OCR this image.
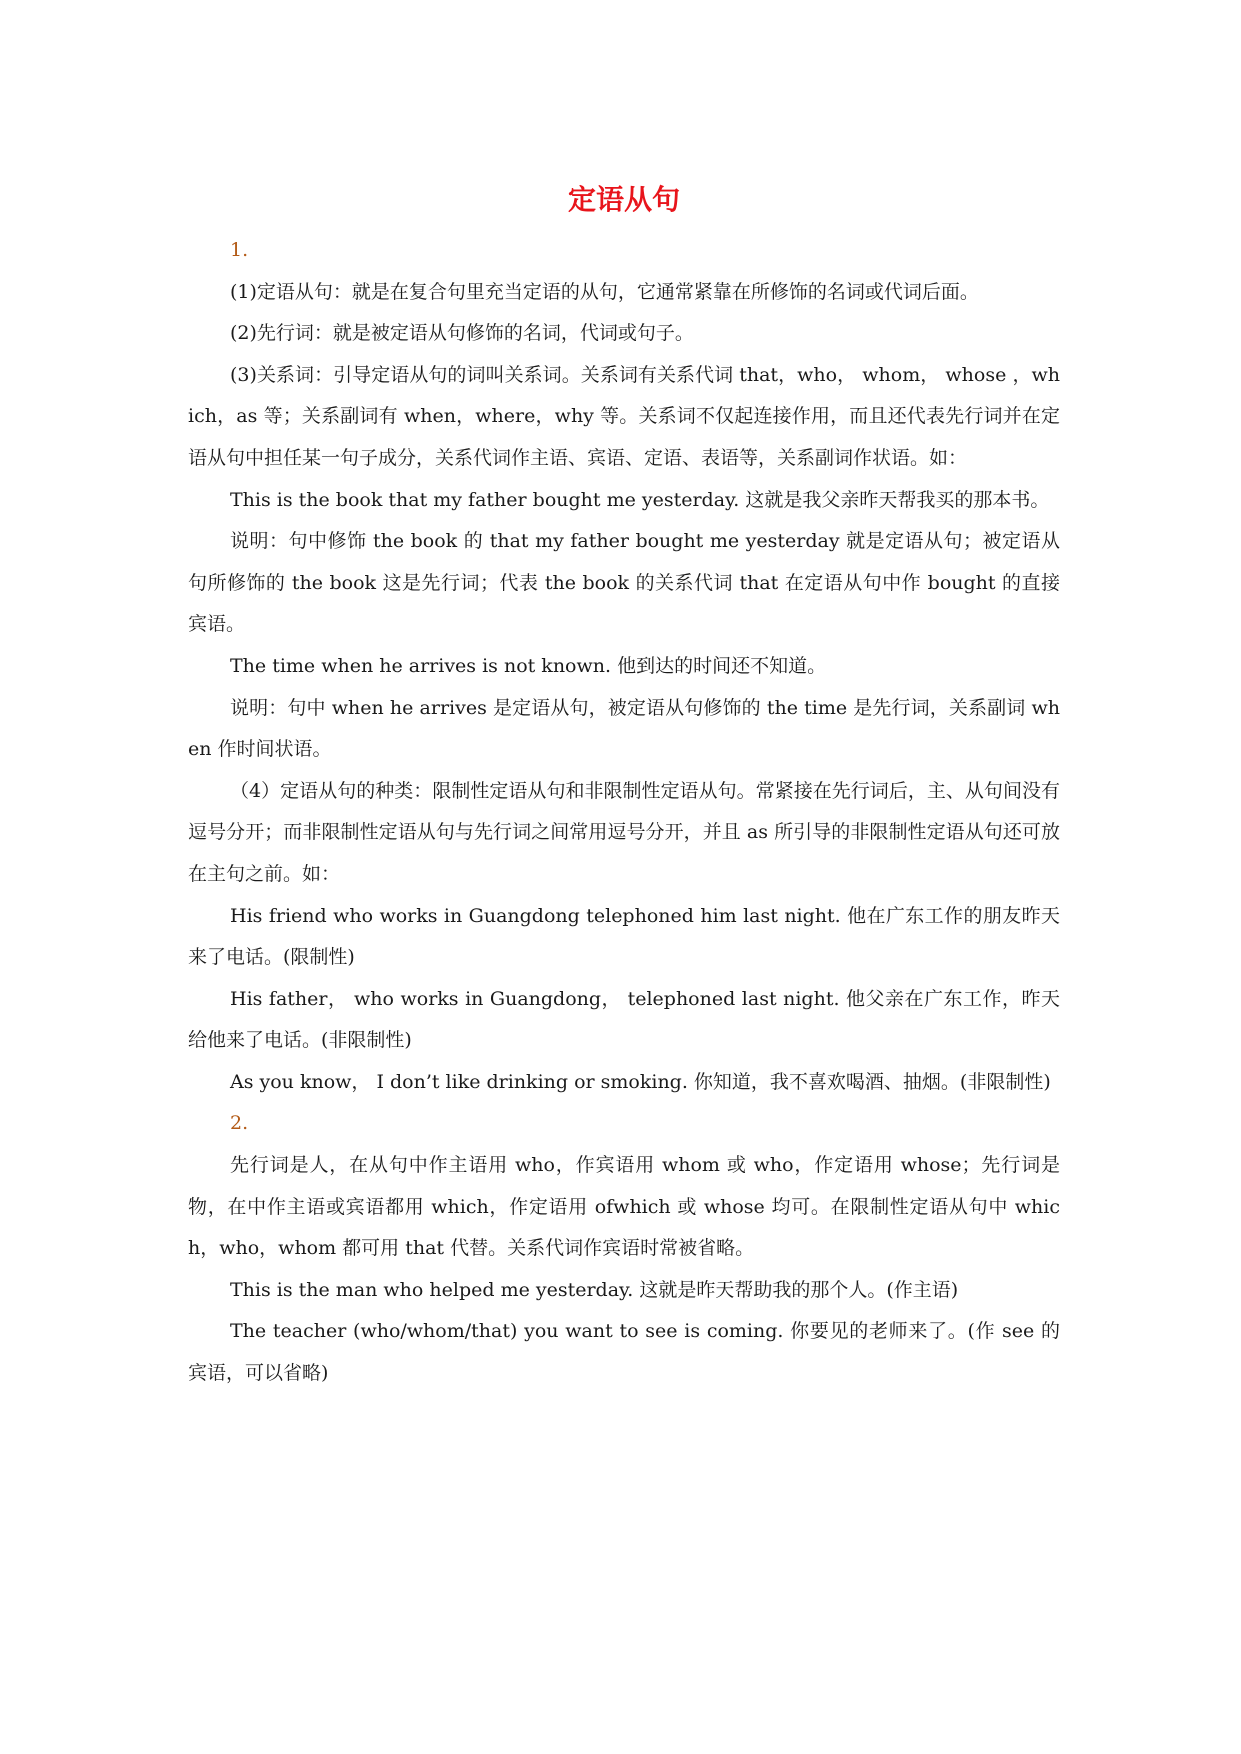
定语从句

1.

(1)定语从句：就是在复合句里充当定语的从句，它通常紧靠在所修饰的名词或代词后面。

(2)先行词：就是被定语从句修饰的名词，代词或句子。

(3)关系词：引导定语从句的词叫关系词。关系词有关系代词 that，who， whom， whose ，which，as 等；关系副词有 when，where，why 等。关系词不仅起连接作用，而且还代表先行词并在定语从句中担任某一句子成分，关系代词作主语、宾语、定语、表语等，关系副词作状语。如：

This is the book that my father bought me yesterday. 这就是我父亲昨天帮我买的那本书。

说明：句中修饰 the book 的 that my father bought me yesterday 就是定语从句；被定语从句所修饰的 the book 这是先行词；代表 the book 的关系代词 that 在定语从句中作 bought 的直接宾语。

The time when he arrives is not known. 他到达的时间还不知道。

说明：句中 when he arrives 是定语从句，被定语从句修饰的 the time 是先行词，关系副词 when 作时间状语。

（4）定语从句的种类：限制性定语从句和非限制性定语从句。常紧接在先行词后，主、从句间没有逗号分开；而非限制性定语从句与先行词之间常用逗号分开，并且 as 所引导的非限制性定语从句还可放在主句之前。如：

His friend who works in Guangdong telephoned him last night. 他在广东工作的朋友昨天来了电话。(限制性)

His father， who works in Guangdong， telephoned last night. 他父亲在广东工作，昨天给他来了电话。(非限制性)

As you know， I don’t like drinking or smoking. 你知道，我不喜欢喝酒、抽烟。(非限制性)

2.

先行词是人，在从句中作主语用 who，作宾语用 whom 或 who，作定语用 whose；先行词是物，在中作主语或宾语都用 which，作定语用 ofwhich 或 whose 均可。在限制性定语从句中 which，who，whom 都可用 that 代替。关系代词作宾语时常被省略。

This is the man who helped me yesterday. 这就是昨天帮助我的那个人。(作主语)

The teacher (who/whom/that) you want to see is coming. 你要见的老师来了。(作 see 的宾语，可以省略)
